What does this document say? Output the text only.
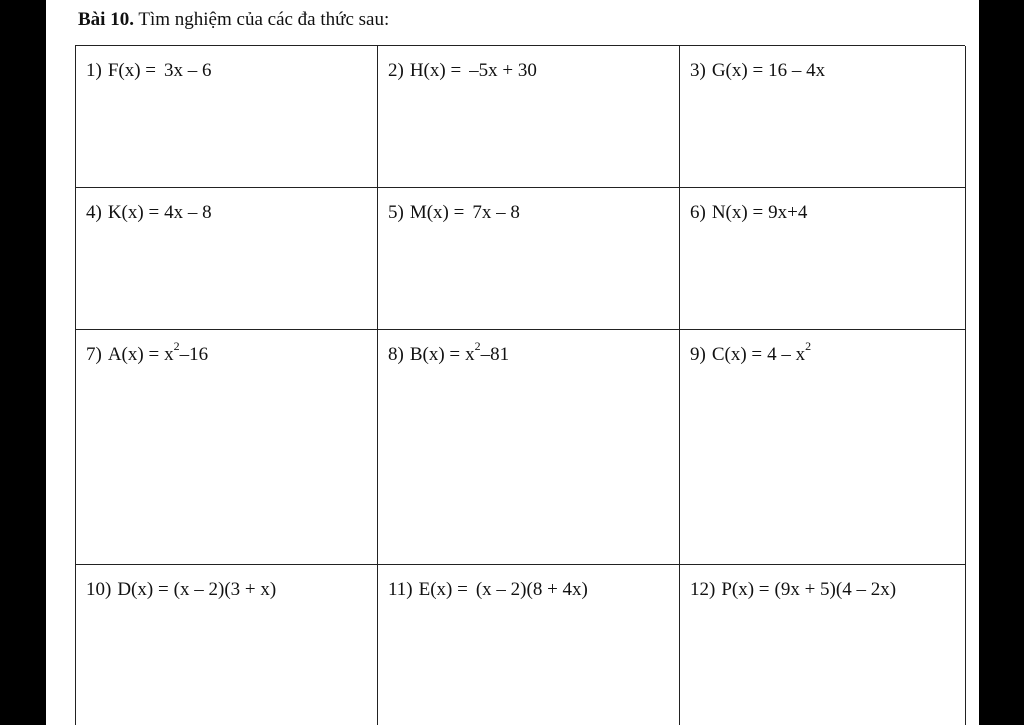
Bài 10. Tìm nghiệm của các đa thức sau:
1) F(x) = 3x – 6	2) H(x) = –5x + 30	3) G(x) = 16 – 4x
4) K(x) = 4x – 8	5) M(x) = 7x – 8	6) N(x) = 9x+4
7) $A(x) = x^2-16$	8) $B(x) = x^2-81$	9) $C(x) = 4 - x^2$
10) D(x) = (x – 2)(3 + x)	11) E(x) = (x – 2)(8 + 4x)	12) P(x) = (9x + 5)(4 – 2x)
